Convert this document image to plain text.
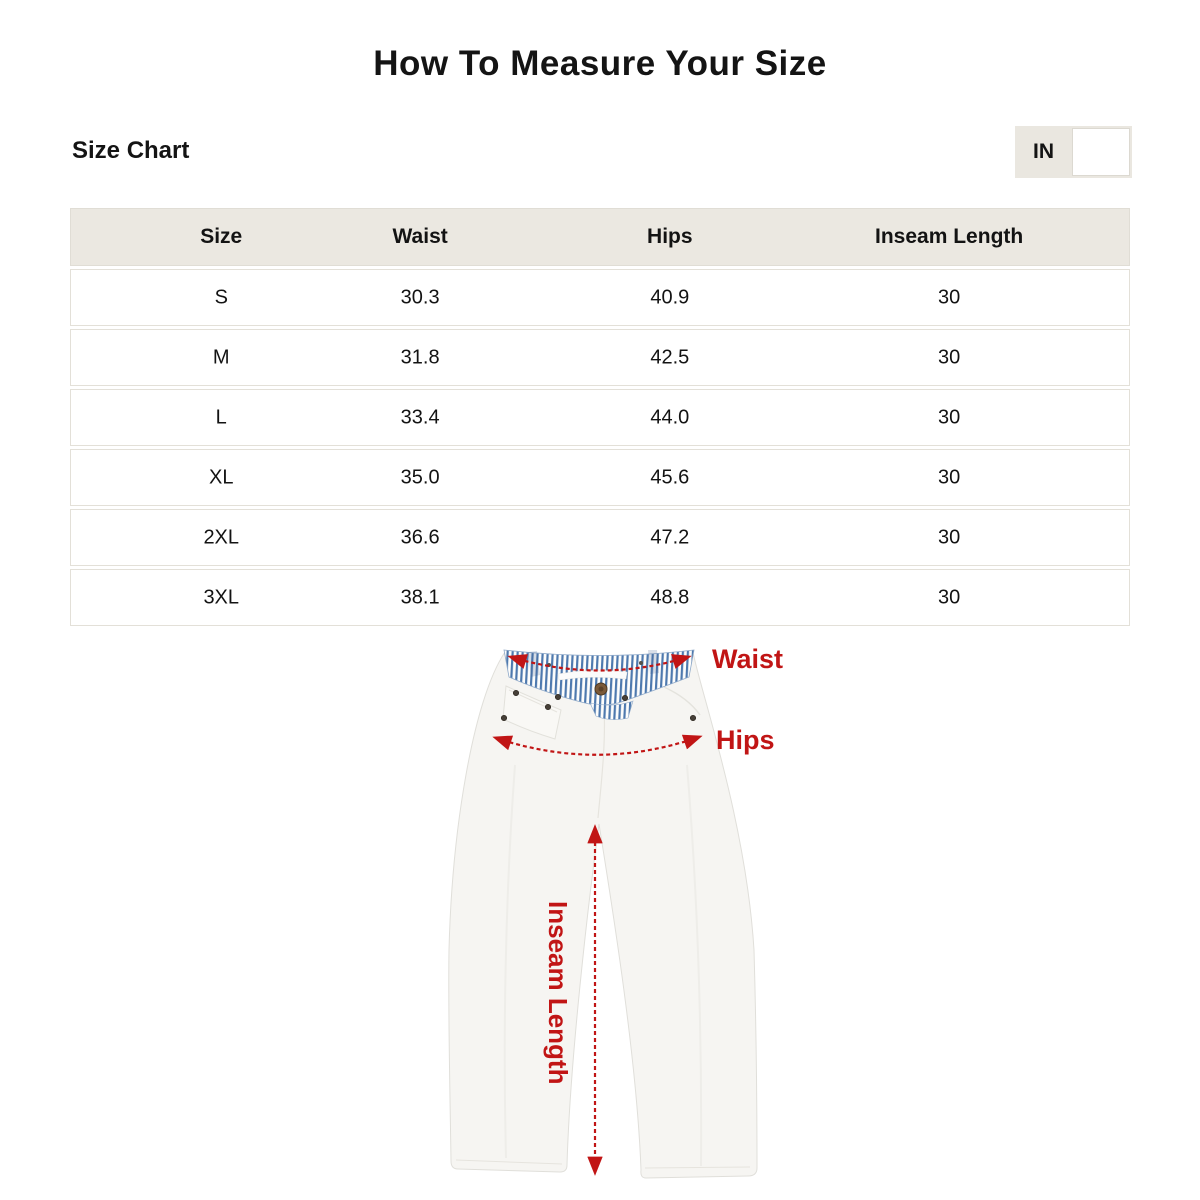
How To Measure Your Size
Size Chart	IN
Size	Waist	Hips	Inseam Length
S	30.3	40.9	30
M	31.8	42.5	30
L	33.4	44.0	30
XL	35.0	45.6	30
2XL	36.6	47.2	30
3XL	38.1	48.8	30
Waist
Hips
Inseam Length
